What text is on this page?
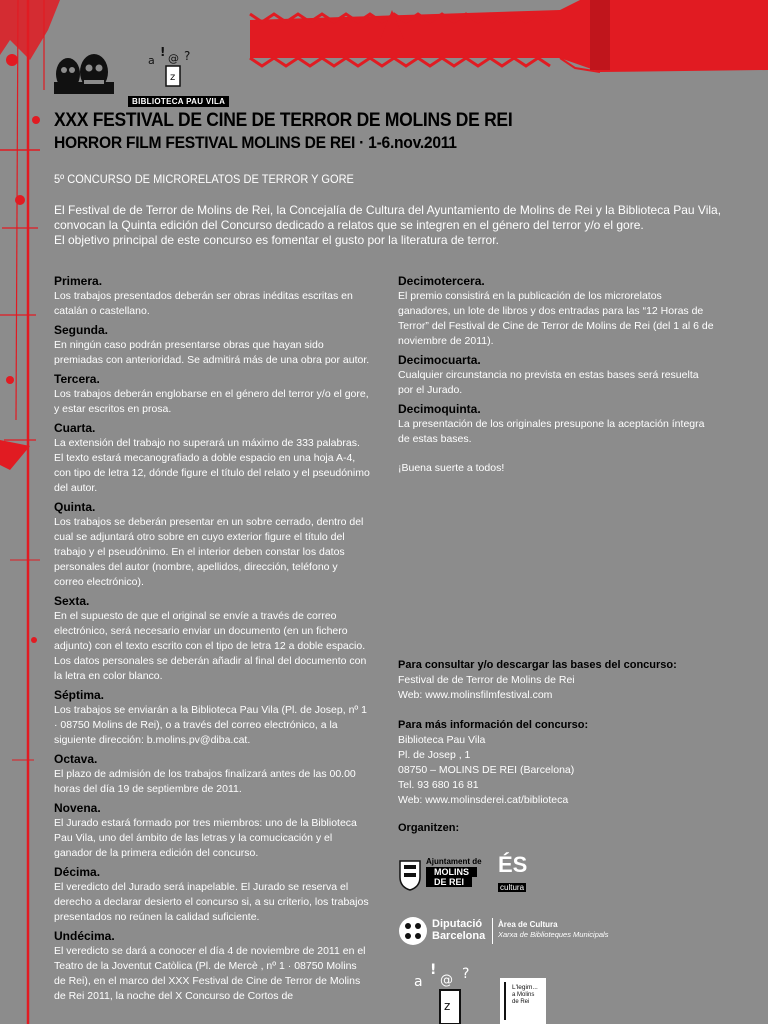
a
! @ ?
z
BIBLIOTECA PAU VILA
XXX FESTIVAL DE CINE DE TERROR DE MOLINS DE REI
HORROR FILM FESTIVAL MOLINS DE REI · 1-6.nov.2011
5º CONCURSO DE MICRORELATOS DE TERROR Y GORE

El Festival de de Terror de Molins de Rei, la Concejalía de Cultura del Ayuntamiento de Molins de Rei y la Biblioteca Pau Vila, convocan la Quinta edición del Concurso dedicado a relatos que se integren en el género del terror y/o el gore.

El objetivo principal de este concurso es fomentar el gusto por la literatura de terror.

Primera.

Los trabajos presentados deberán ser obras inéditas escritas en catalán o castellano.

Segunda.

En ningún caso podrán presentarse obras que hayan sido premiadas con anterioridad. Se admitirá más de una obra por autor.

Tercera.

Los trabajos deberán englobarse en el género del terror y/o el gore, y estar escritos en prosa.

Cuarta.

La extensión del trabajo no superará un máximo de 333 palabras. El texto estará mecanografiado a doble espacio en una hoja A-4, con tipo de letra 12, dónde figure el título del relato y el pseudónimo del autor.

Quinta.

Los trabajos se deberán presentar en un sobre cerrado, dentro del cual se adjuntará otro sobre en cuyo exterior figure el título del trabajo y el pseudónimo. En el interior deben constar los datos personales del autor (nombre, apellidos, dirección, teléfono y correo electrónico).

Sexta.

En el supuesto de que el original se envíe a través de correo electrónico, será necesario enviar un documento (en un fichero adjunto) con el texto escrito con el tipo de letra 12 a doble espacio. Los datos personales se deberán añadir al final del documento con la letra en color blanco.

Séptima.

Los trabajos se enviarán a la Biblioteca Pau Vila (Pl. de Josep, nº 1 · 08750 Molins de Rei), o a través del correo electrónico, a la siguiente dirección: b.molins.pv@diba.cat.

Octava.

El plazo de admisión de los trabajos finalizará antes de las 00.00 horas del día 19 de septiembre de 2011.

Novena.

El Jurado estará formado por tres miembros: uno de la Biblioteca Pau Vila, uno del ámbito de las letras y la comucicación y el ganador de la primera edición del concurso.

Décima.

El veredicto del Jurado será inapelable. El Jurado se reserva el derecho a declarar desierto el concurso si, a su criterio, los trabajos presentados no reúnen la calidad suficiente.

Undécima.

El veredicto se dará a conocer el día 4 de noviembre de 2011 en el Teatro de la Joventut Catòlica (Pl. de Mercè , nº 1 · 08750 Molins de Rei), en el marco del XXX Festival de Cine de Terror de Molins de Rei 2011, la noche del X Concurso de Cortos de

Decimotercera.

El premio consistirá en la publicación de los microrelatos ganadores, un lote de libros y dos entradas para las “12 Horas de Terror” del Festival de Cine de Terror de Molins de Rei (del 1 al 6 de noviembre de 2011).

Decimocuarta.

Cualquier circunstancia no prevista en estas bases será resuelta por el Jurado.

Decimoquinta.

La presentación de los originales presupone la aceptación íntegra de estas bases.

¡Buena suerte a todos!
Para consultar y/o descargar las bases del concurso:
Festival de de Terror de Molins de Rei
Web: www.molinsfilmfestival.com
Para más información del concurso:
Biblioteca Pau Vila
Pl. de Josep , 1
08750 – MOLINS DE REI (Barcelona)
Tel. 93 680 16 81
Web: www.molinsderei.cat/biblioteca
Organitzen:
Ajuntament de
MOLINS
DE REI
ÉS
cultura
Diputació
Barcelona
Àrea de Cultura
Xarxa de Biblioteques Municipals
a
!
@ ?
z
L'legim...
a Molins
de Rei
